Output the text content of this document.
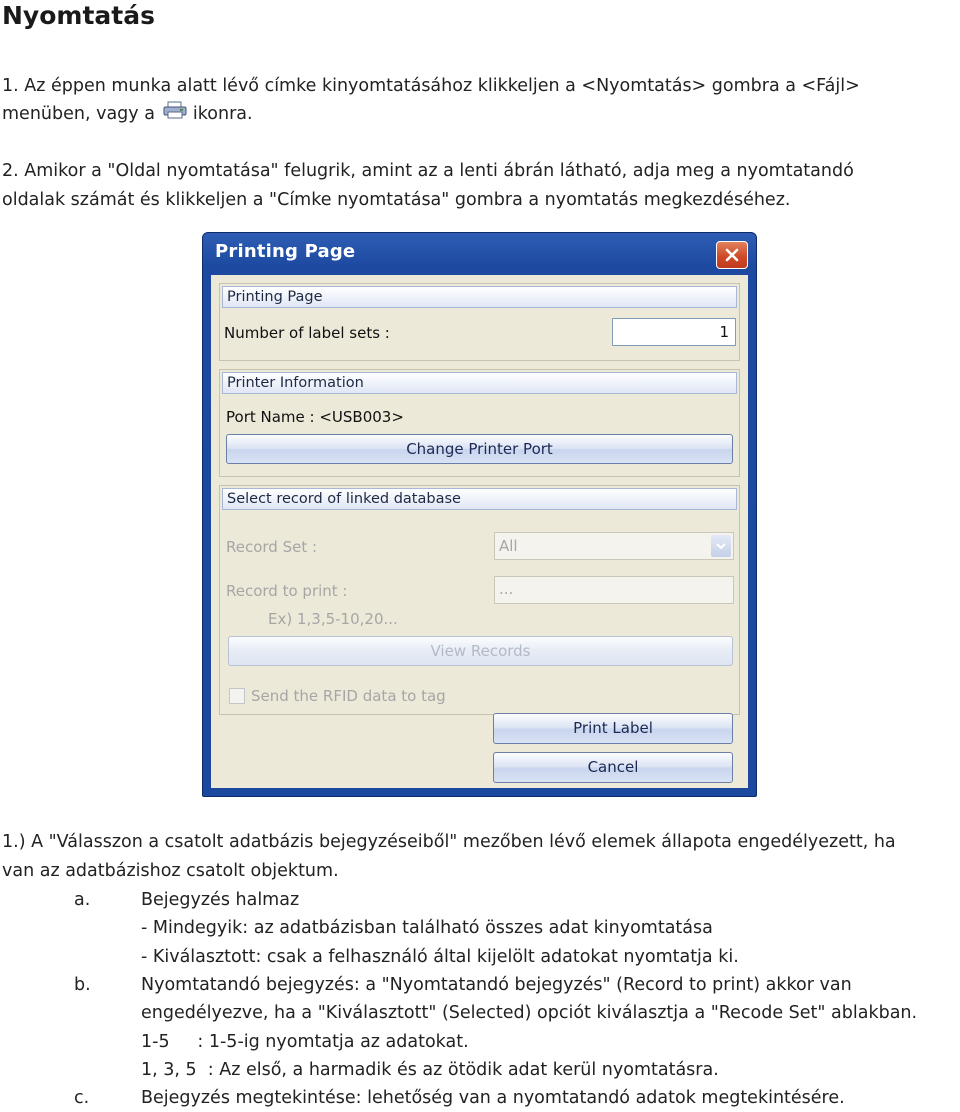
Nyomtatás
1. Az éppen munka alatt lévő címke kinyomtatásához klikkeljen a <Nyomtatás> gombra a <Fájl>
menüben, vagy a ikonra.
2. Amikor a "Oldal nyomtatása" felugrik, amint az a lenti ábrán látható, adja meg a nyomtatandó
oldalak számát és klikkeljen a "Címke nyomtatása" gombra a nyomtatás megkezdéséhez.
Printing Page
Printing Page
Number of label sets :	1
Printer Information
Port Name : <USB003>
Change Printer Port
Select record of linked database
Record Set :	All
Record to print :	...
Ex) 1,3,5-10,20...
View Records
Send the RFID data to tag
Print Label
Cancel
1.) A "Válasszon a csatolt adatbázis bejegyzéseiből" mezőben lévő elemek állapota engedélyezett, ha
van az adatbázishoz csatolt objektum.
a.	Bejegyzés halmaz
- Mindegyik: az adatbázisban található összes adat kinyomtatása
- Kiválasztott: csak a felhasználó által kijelölt adatokat nyomtatja ki.
b.	Nyomtatandó bejegyzés: a "Nyomtatandó bejegyzés" (Record to print) akkor van
engedélyezve, ha a "Kiválasztott" (Selected) opciót kiválasztja a "Recode Set" ablakban.
1-5     : 1-5-ig nyomtatja az adatokat.
1, 3, 5  : Az első, a harmadik és az ötödik adat kerül nyomtatásra.
c.	Bejegyzés megtekintése: lehetőség van a nyomtatandó adatok megtekintésére.
